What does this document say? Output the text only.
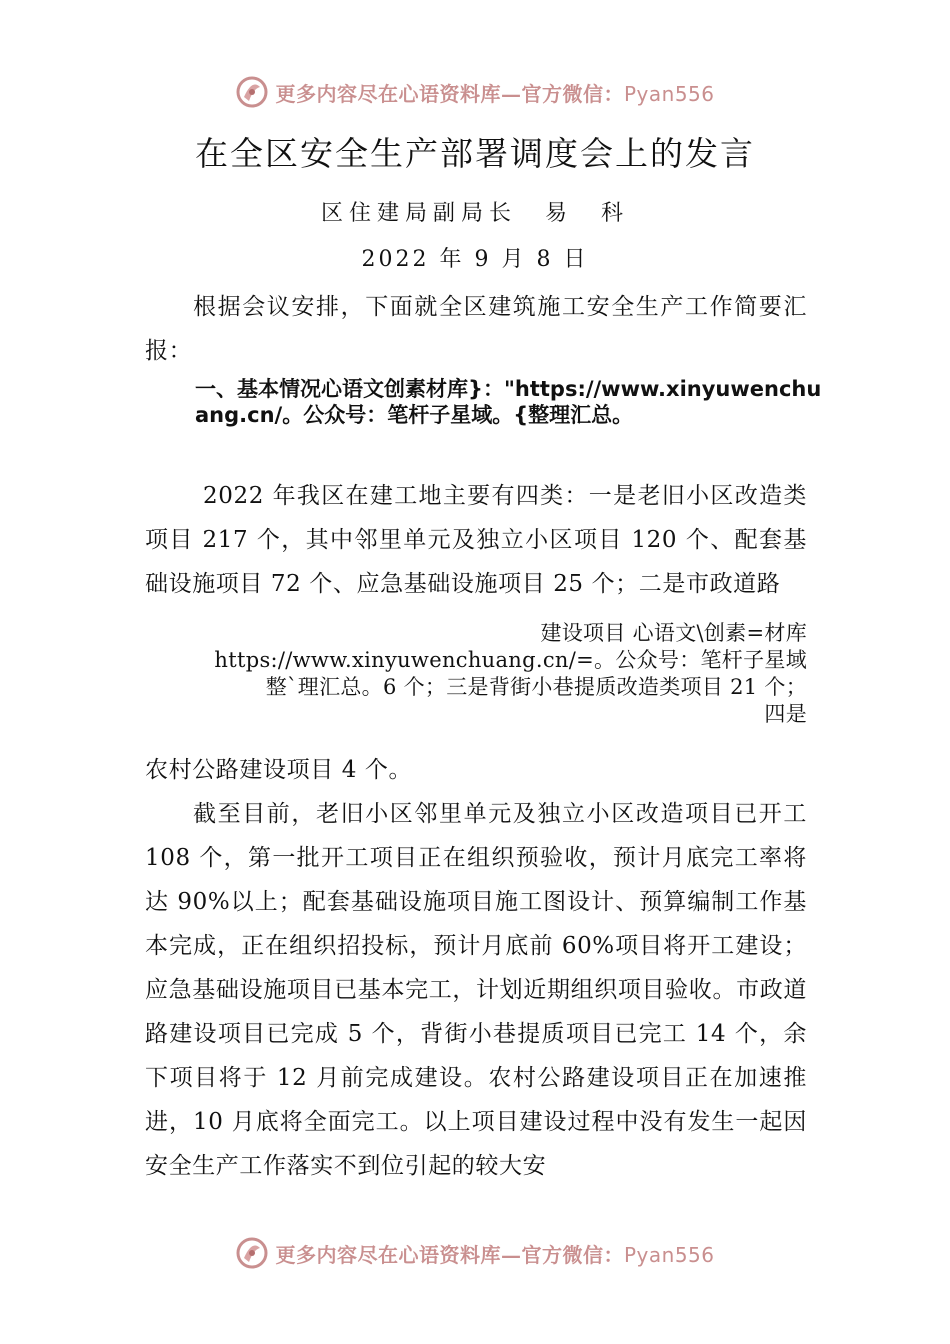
更多内容尽在心语资料库—官方微信：Pyan556
在全区安全生产部署调度会上的发言
区住建局副局长　易　科
2022 年 9 月 8 日

根据会议安排，下面就全区建筑施工安全生产工作简要汇报：

一、基本情况心语文创素材库}："https://www.xinyuwenchuang.cn/。公众号：笔杆子星域。{整理汇总。

2022 年我区在建工地主要有四类：一是老旧小区改造类项目 217 个，其中邻里单元及独立小区项目 120 个、配套基础设施项目 72 个、应急基础设施项目 25 个；二是市政道路

建设项目 心语文\创素=材库
https://www.xinyuwenchuang.cn/=。公众号：笔杆子星域
整`理汇总。6 个；三是背街小巷提质改造类项目 21 个；
四是

农村公路建设项目 4 个。

截至目前，老旧小区邻里单元及独立小区改造项目已开工 108 个，第一批开工项目正在组织预验收，预计月底完工率将达 90%以上；配套基础设施项目施工图设计、预算编制工作基本完成，正在组织招投标，预计月底前 60%项目将开工建设；应急基础设施项目已基本完工，计划近期组织项目验收。市政道路建设项目已完成 5 个，背街小巷提质项目已完工 14 个，余下项目将于 12 月前完成建设。农村公路建设项目正在加速推进，10 月底将全面完工。以上项目建设过程中没有发生一起因安全生产工作落实不到位引起的较大安

更多内容尽在心语资料库—官方微信：Pyan556
